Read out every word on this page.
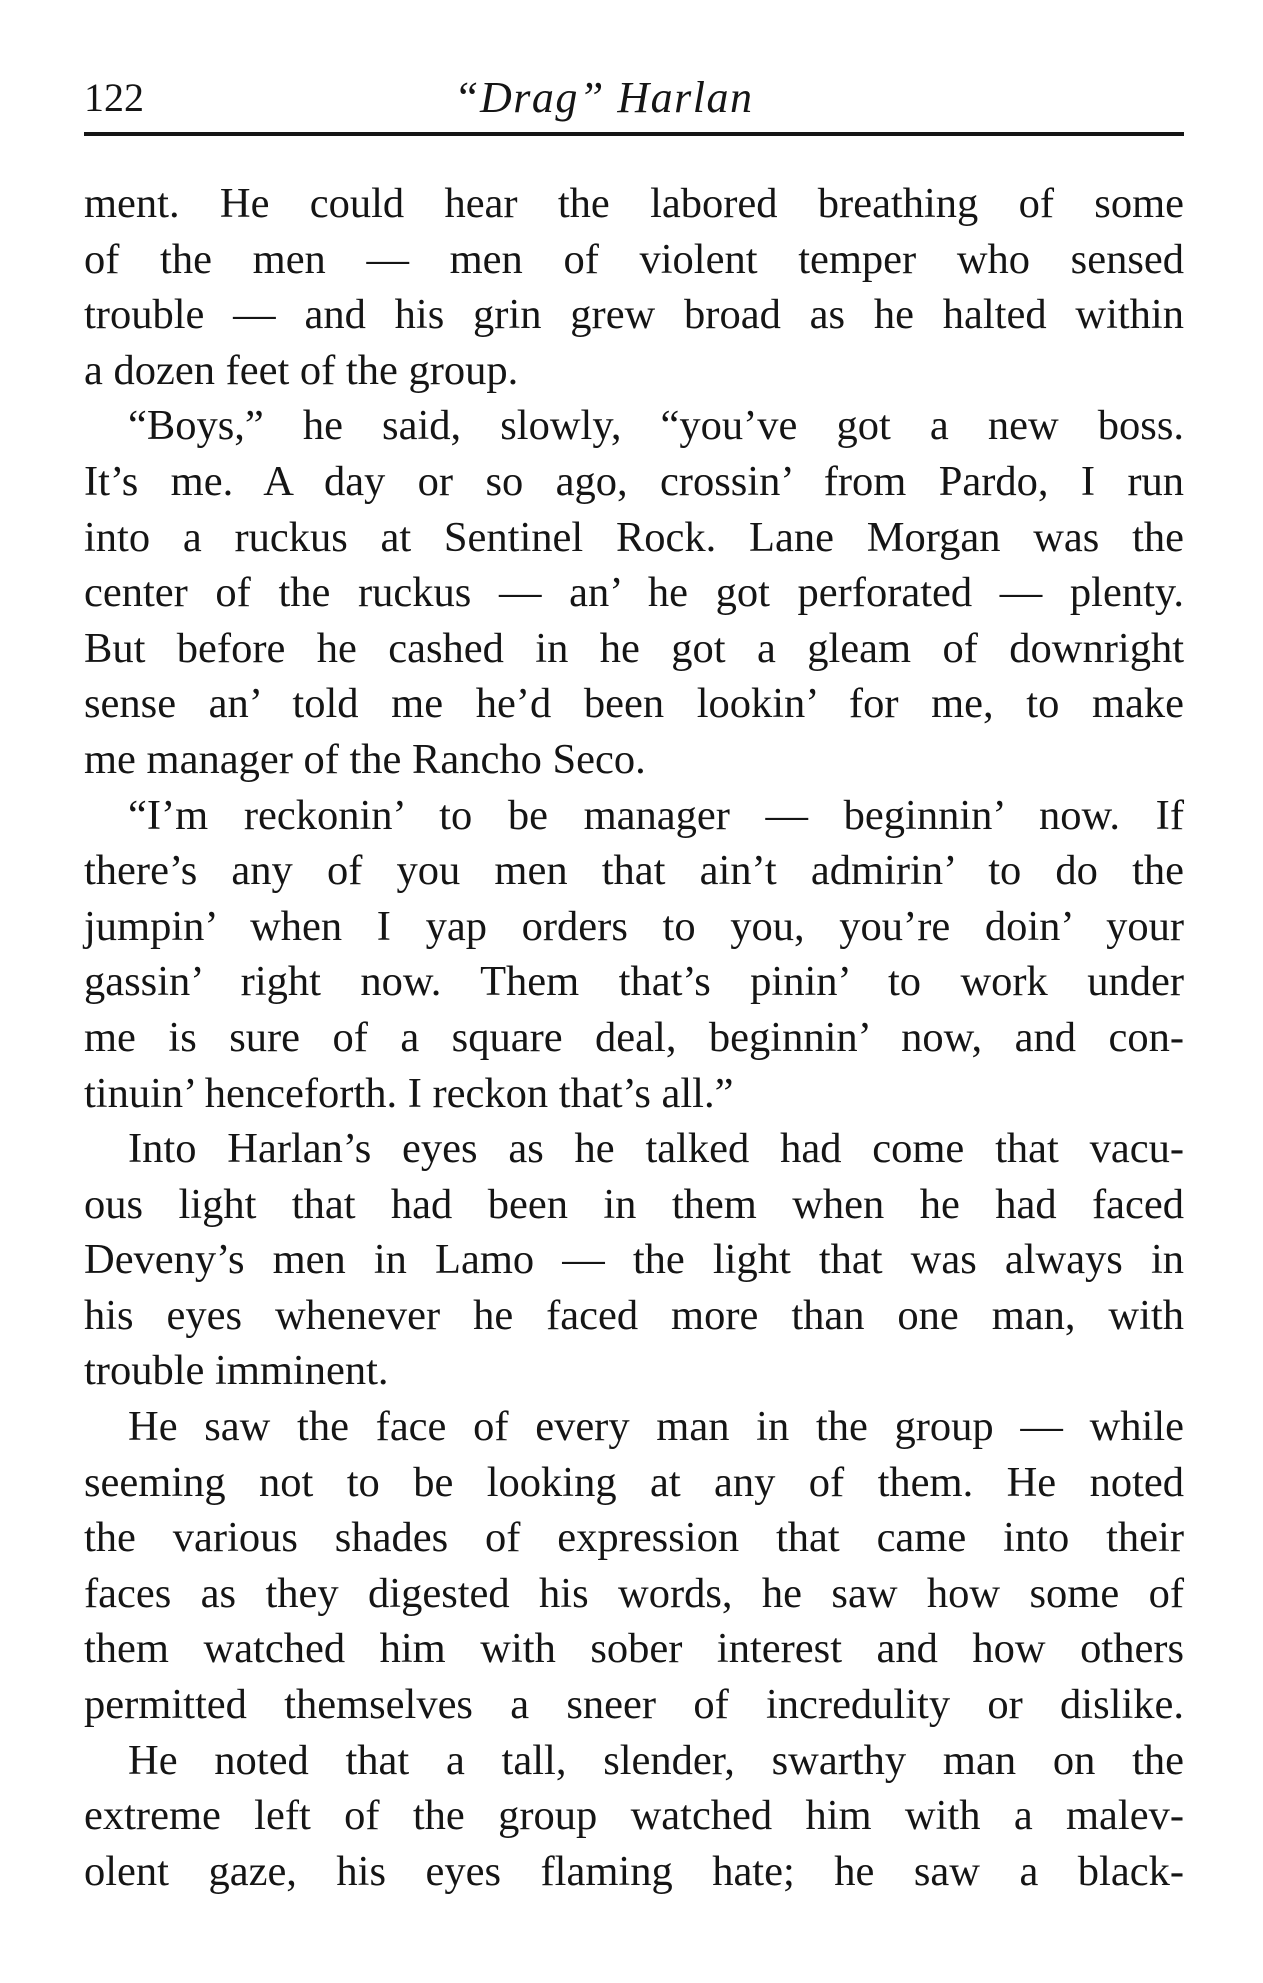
122	“Drag” Harlan

ment. He could hear the labored breathing of some
of the men — men of violent temper who sensed
trouble — and his grin grew broad as he halted within
a dozen feet of the group.

“Boys,” he said, slowly, “you’ve got a new boss.
It’s me. A day or so ago, crossin’ from Pardo, I run
into a ruckus at Sentinel Rock. Lane Morgan was the
center of the ruckus — an’ he got perforated — plenty.
But before he cashed in he got a gleam of downright
sense an’ told me he’d been lookin’ for me, to make
me manager of the Rancho Seco.

“I’m reckonin’ to be manager — beginnin’ now. If
there’s any of you men that ain’t admirin’ to do the
jumpin’ when I yap orders to you, you’re doin’ your
gassin’ right now. Them that’s pinin’ to work under
me is sure of a square deal, beginnin’ now, and con-
tinuin’ henceforth. I reckon that’s all.”

Into Harlan’s eyes as he talked had come that vacu-
ous light that had been in them when he had faced
Deveny’s men in Lamo — the light that was always in
his eyes whenever he faced more than one man, with
trouble imminent.

He saw the face of every man in the group — while
seeming not to be looking at any of them. He noted
the various shades of expression that came into their
faces as they digested his words, he saw how some of
them watched him with sober interest and how others
permitted themselves a sneer of incredulity or dislike.

He noted that a tall, slender, swarthy man on the
extreme left of the group watched him with a malev-
olent gaze, his eyes flaming hate; he saw a black-
